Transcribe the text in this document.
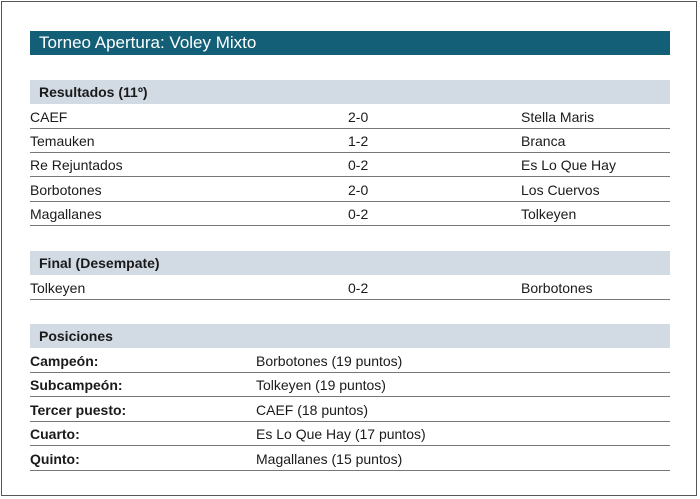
Torneo Apertura: Voley Mixto
Resultados (11º)
CAEF	2-0	Stella Maris
Temauken	1-2	Branca
Re Rejuntados	0-2	Es Lo Que Hay
Borbotones	2-0	Los Cuervos
Magallanes	0-2	Tolkeyen
Final (Desempate)
Tolkeyen	0-2	Borbotones
Posiciones
Campeón:	Borbotones (19 puntos)
Subcampeón:	Tolkeyen (19 puntos)
Tercer puesto:	CAEF (18 puntos)
Cuarto:	Es Lo Que Hay (17 puntos)
Quinto:	Magallanes (15 puntos)
